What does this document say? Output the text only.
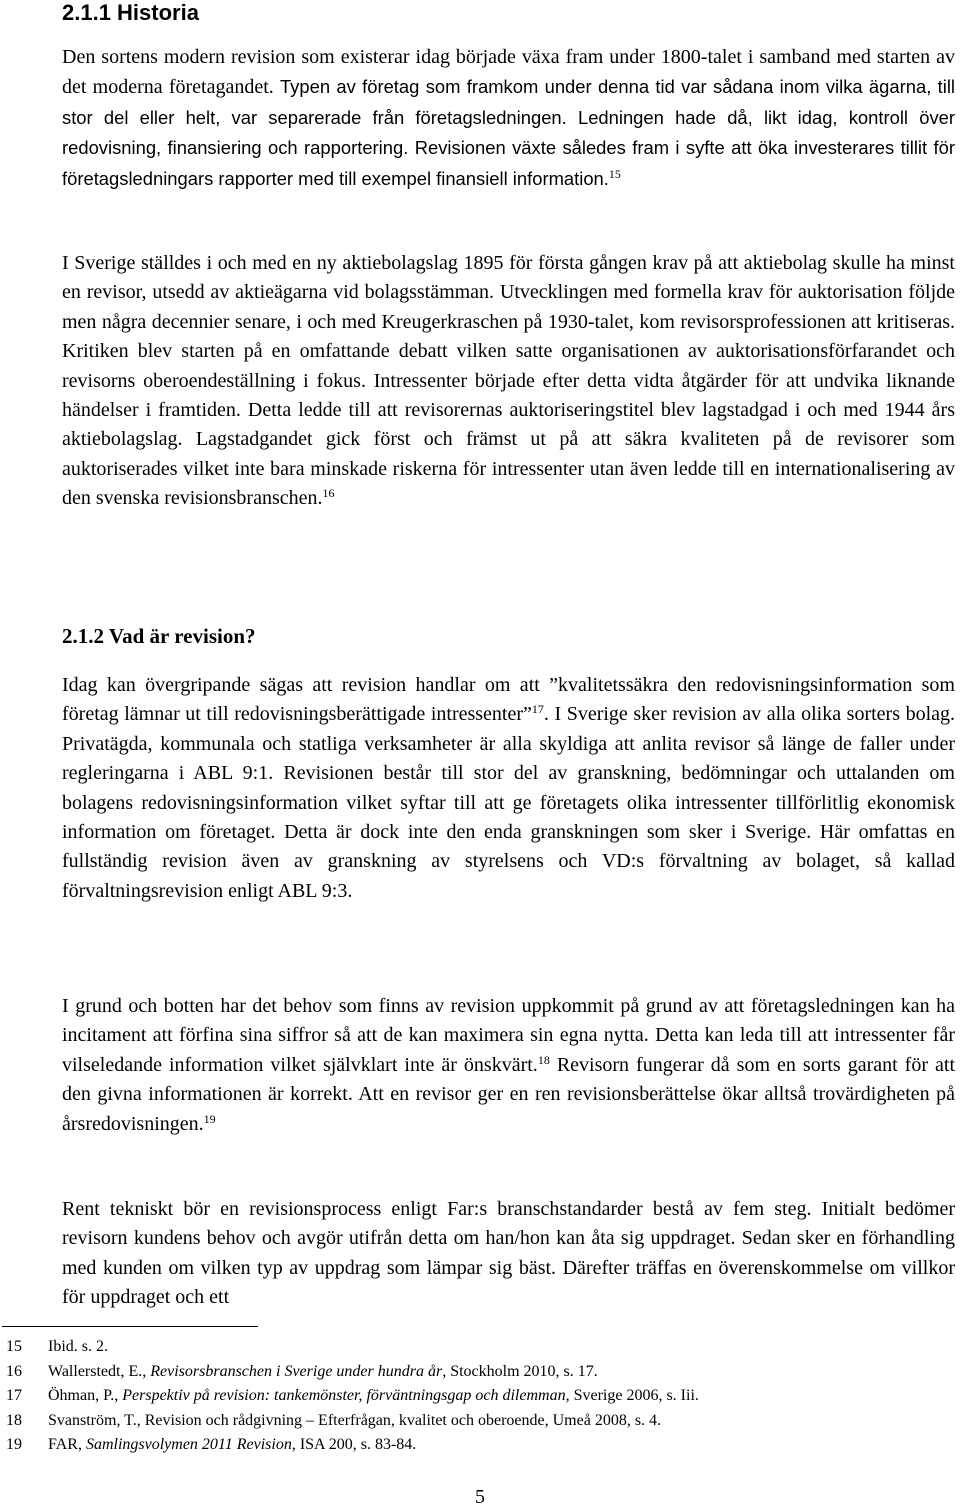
2.1.1 Historia
Den sortens modern revision som existerar idag började växa fram under 1800-talet i samband med starten av det moderna företagandet. Typen av företag som framkom under denna tid var sådana inom vilka ägarna, till stor del eller helt, var separerade från företagsledningen. Ledningen hade då, likt idag, kontroll över redovisning, finansiering och rapportering. Revisionen växte således fram i syfte att öka investerares tillit för företagsledningars rapporter med till exempel finansiell information.$^{15}$
I Sverige ställdes i och med en ny aktiebolagslag 1895 för första gången krav på att aktiebolag skulle ha minst en revisor, utsedd av aktieägarna vid bolagsstämman. Utvecklingen med formella krav för auktorisation följde men några decennier senare, i och med Kreugerkraschen på 1930-talet, kom revisorsprofessionen att kritiseras. Kritiken blev starten på en omfattande debatt vilken satte organisationen av auktorisationsförfarandet och revisorns oberoendeställning i fokus. Intressenter började efter detta vidta åtgärder för att undvika liknande händelser i framtiden. Detta ledde till att revisorernas auktoriseringstitel blev lagstadgad i och med 1944 års aktiebolagslag. Lagstadgandet gick först och främst ut på att säkra kvaliteten på de revisorer som auktoriserades vilket inte bara minskade riskerna för intressenter utan även ledde till en internationalisering av den svenska revisionsbranschen.$^{16}$
2.1.2 Vad är revision?
Idag kan övergripande sägas att revision handlar om att ”kvalitetssäkra den redovisningsinformation som företag lämnar ut till redovisningsberättigade intressenter”$^{17}$. I Sverige sker revision av alla olika sorters bolag. Privatägda, kommunala och statliga verksamheter är alla skyldiga att anlita revisor så länge de faller under regleringarna i ABL 9:1. Revisionen består till stor del av granskning, bedömningar och uttalanden om bolagens redovisningsinformation vilket syftar till att ge företagets olika intressenter tillförlitlig ekonomisk information om företaget. Detta är dock inte den enda granskningen som sker i Sverige. Här omfattas en fullständig revision även av granskning av styrelsens och VD:s förvaltning av bolaget, så kallad förvaltningsrevision enligt ABL 9:3.
I grund och botten har det behov som finns av revision uppkommit på grund av att företagsledningen kan ha incitament att förfina sina siffror så att de kan maximera sin egna nytta. Detta kan leda till att intressenter får vilseledande information vilket självklart inte är önskvärt.$^{18}$ Revisorn fungerar då som en sorts garant för att den givna informationen är korrekt. Att en revisor ger en ren revisionsberättelse ökar alltså trovärdigheten på årsredovisningen.$^{19}$
Rent tekniskt bör en revisionsprocess enligt Far:s branschstandarder bestå av fem steg. Initialt bedömer revisorn kundens behov och avgör utifrån detta om han/hon kan åta sig uppdraget. Sedan sker en förhandling med kunden om vilken typ av uppdrag som lämpar sig bäst. Därefter träffas en överenskommelse om villkor för uppdraget och ett
15	Ibid. s. 2.
16	Wallerstedt, E., Revisorsbranschen i Sverige under hundra år, Stockholm 2010, s. 17.
17	Öhman, P., Perspektiv på revision: tankemönster, förväntningsgap och dilemman, Sverige 2006, s. Iii.
18	Svanström, T., Revision och rådgivning – Efterfrågan, kvalitet och oberoende, Umeå 2008, s. 4.
19	FAR, Samlingsvolymen 2011 Revision, ISA 200, s. 83-84.
5
